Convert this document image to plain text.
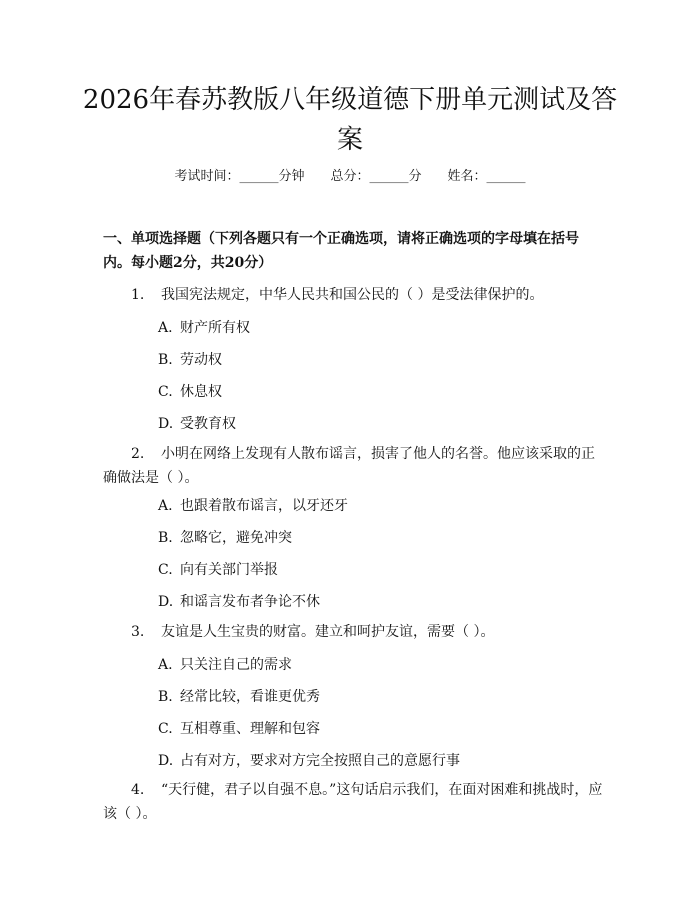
2026年春苏教版八年级道德下册单元测试及答案
考试时间：______分钟　　总分：______分　　姓名：______
一、单项选择题（下列各题只有一个正确选项，请将正确选项的字母填在括号内。每小题2分，共20分）
1. 我国宪法规定，中华人民共和国公民的（ ）是受法律保护的。
A. 财产所有权
B. 劳动权
C. 休息权
D. 受教育权
2. 小明在网络上发现有人散布谣言，损害了他人的名誉。他应该采取的正确做法是（ ）。
A. 也跟着散布谣言，以牙还牙
B. 忽略它，避免冲突
C. 向有关部门举报
D. 和谣言发布者争论不休
3. 友谊是人生宝贵的财富。建立和呵护友谊，需要（ ）。
A. 只关注自己的需求
B. 经常比较，看谁更优秀
C. 互相尊重、理解和包容
D. 占有对方，要求对方完全按照自己的意愿行事
4. “天行健，君子以自强不息。”这句话启示我们，在面对困难和挑战时，应该（ ）。
